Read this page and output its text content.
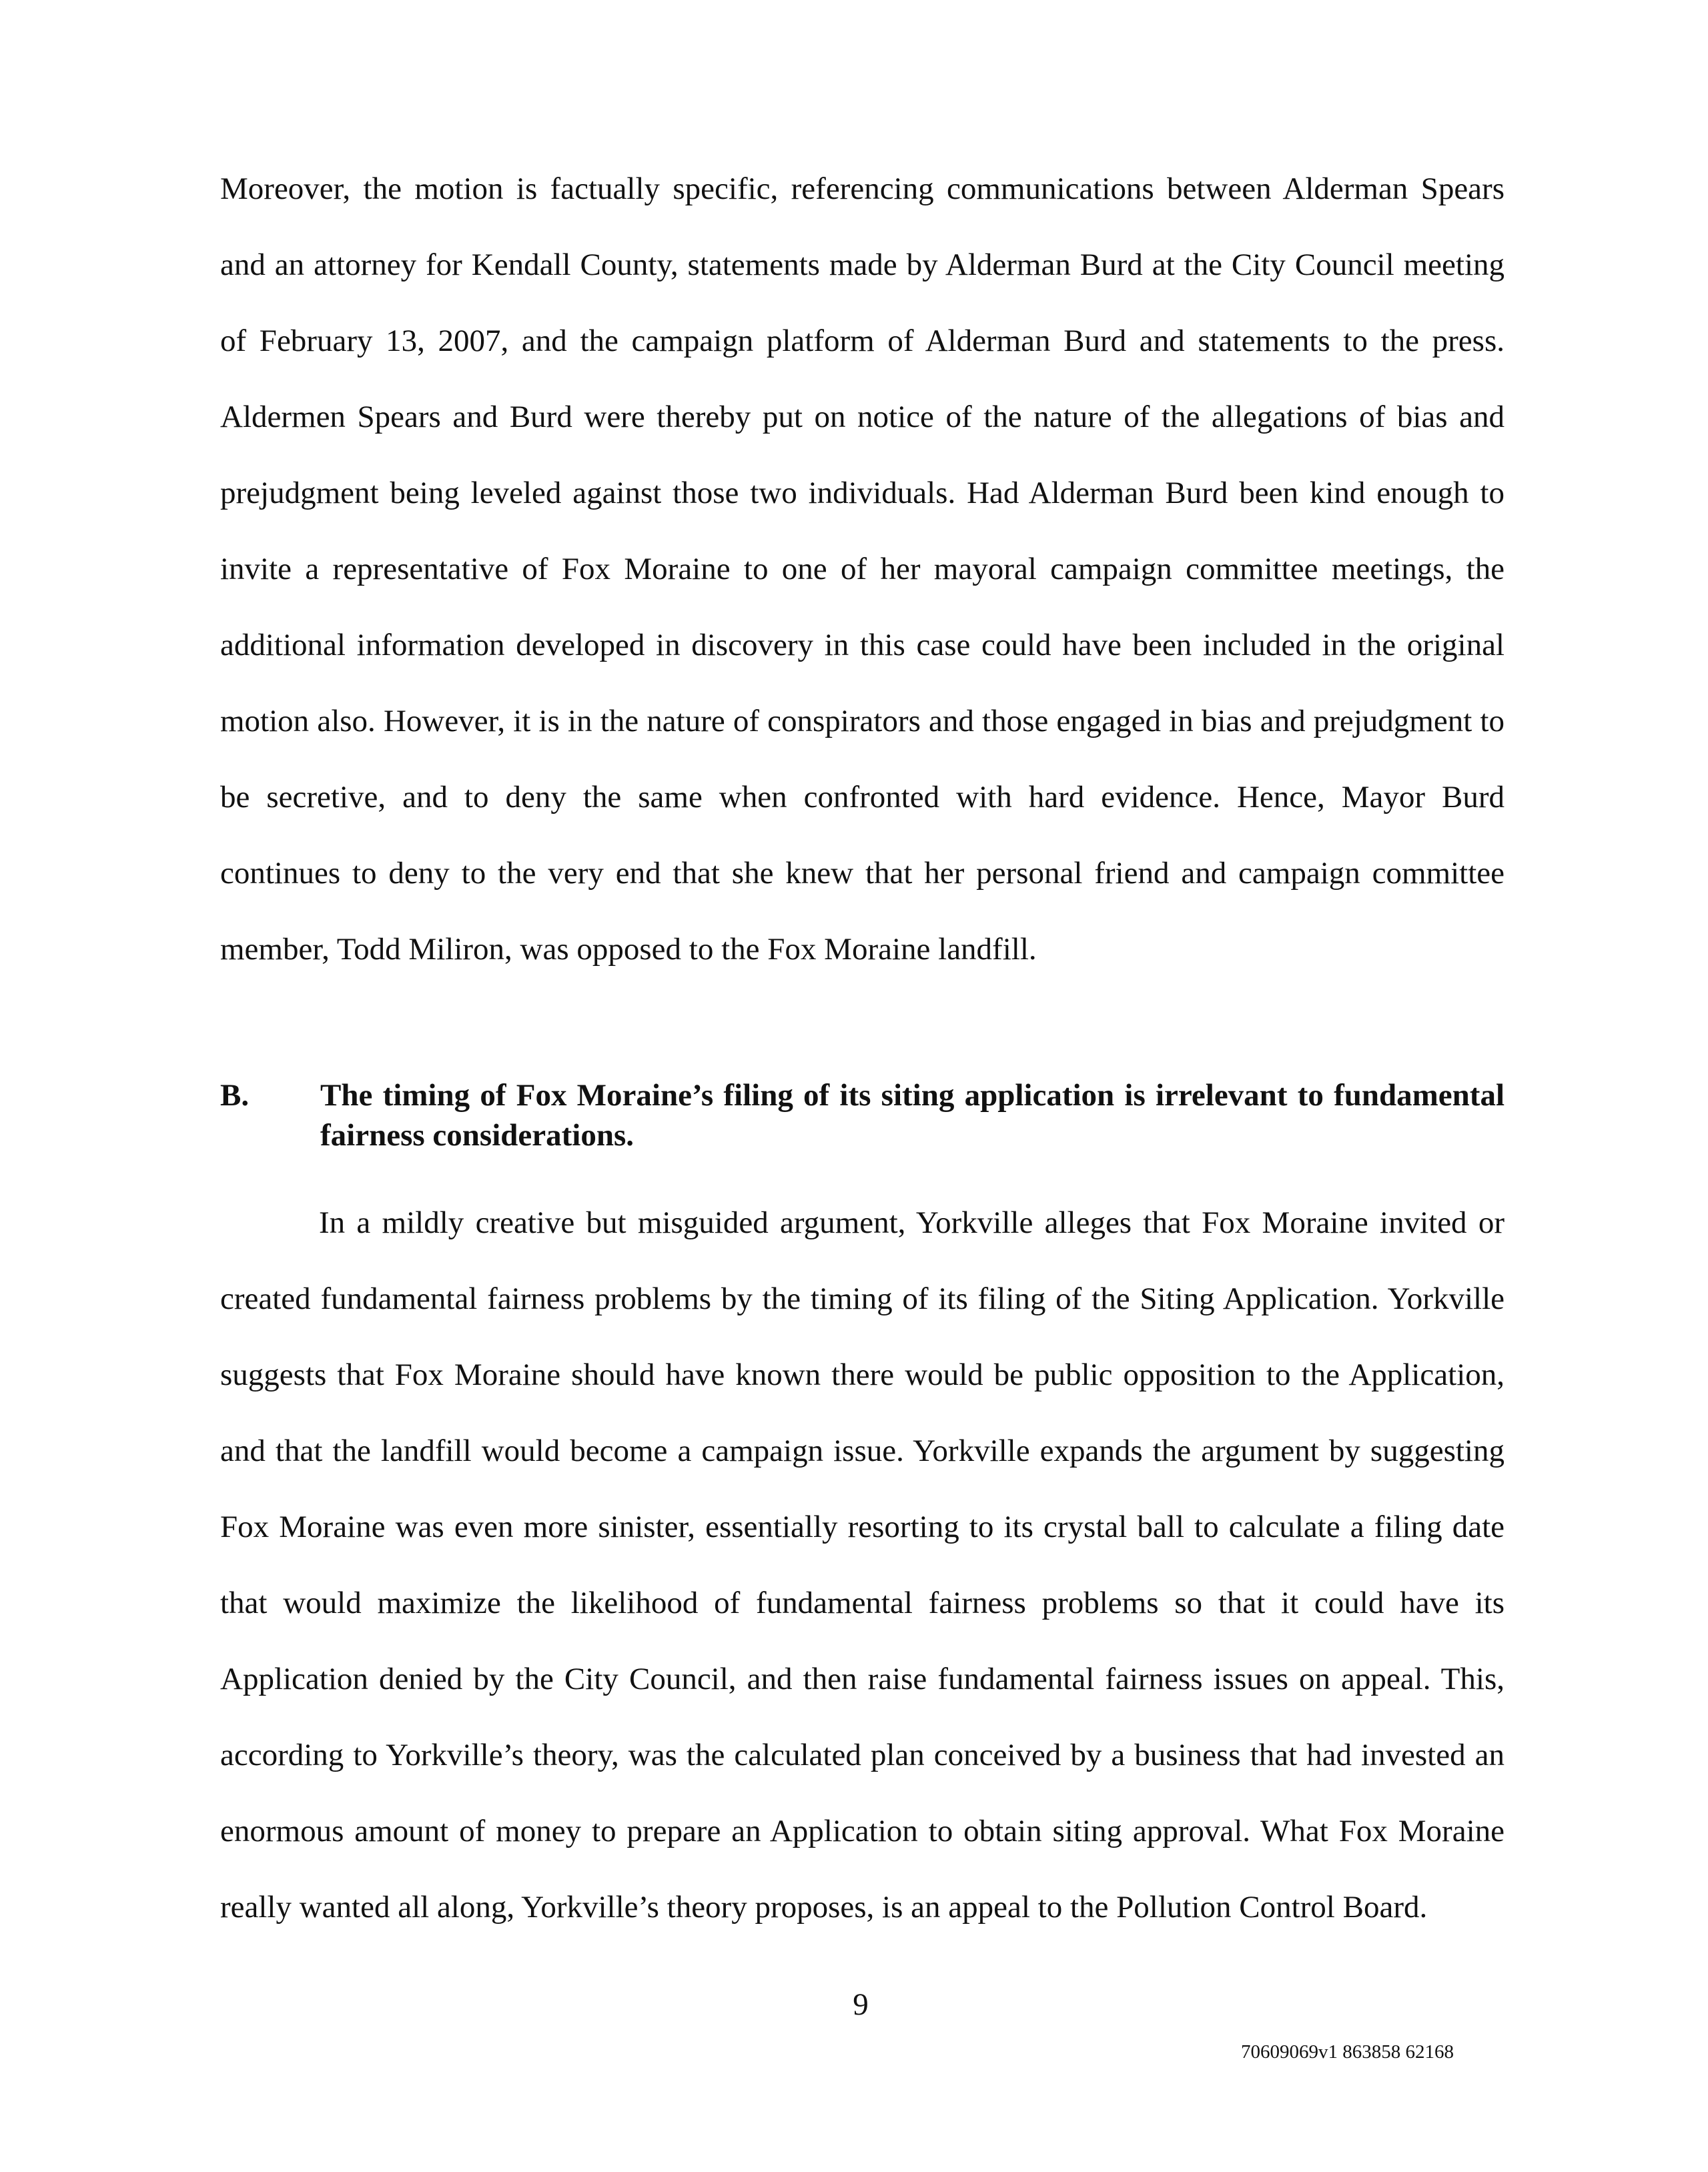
Moreover, the motion is factually specific, referencing communications between Alderman Spears and an attorney for Kendall County, statements made by Alderman Burd at the City Council meeting of February 13, 2007, and the campaign platform of Alderman Burd and statements to the press. Aldermen Spears and Burd were thereby put on notice of the nature of the allegations of bias and prejudgment being leveled against those two individuals. Had Alderman Burd been kind enough to invite a representative of Fox Moraine to one of her mayoral campaign committee meetings, the additional information developed in discovery in this case could have been included in the original motion also. However, it is in the nature of conspirators and those engaged in bias and prejudgment to be secretive, and to deny the same when confronted with hard evidence. Hence, Mayor Burd continues to deny to the very end that she knew that her personal friend and campaign committee member, Todd Miliron, was opposed to the Fox Moraine landfill.

B. The timing of Fox Moraine’s filing of its siting application is irrelevant to fundamental fairness considerations.

In a mildly creative but misguided argument, Yorkville alleges that Fox Moraine invited or created fundamental fairness problems by the timing of its filing of the Siting Application. Yorkville suggests that Fox Moraine should have known there would be public opposition to the Application, and that the landfill would become a campaign issue. Yorkville expands the argument by suggesting Fox Moraine was even more sinister, essentially resorting to its crystal ball to calculate a filing date that would maximize the likelihood of fundamental fairness problems so that it could have its Application denied by the City Council, and then raise fundamental fairness issues on appeal. This, according to Yorkville’s theory, was the calculated plan conceived by a business that had invested an enormous amount of money to prepare an Application to obtain siting approval. What Fox Moraine really wanted all along, Yorkville’s theory proposes, is an appeal to the Pollution Control Board.

9

70609069v1 863858 62168
